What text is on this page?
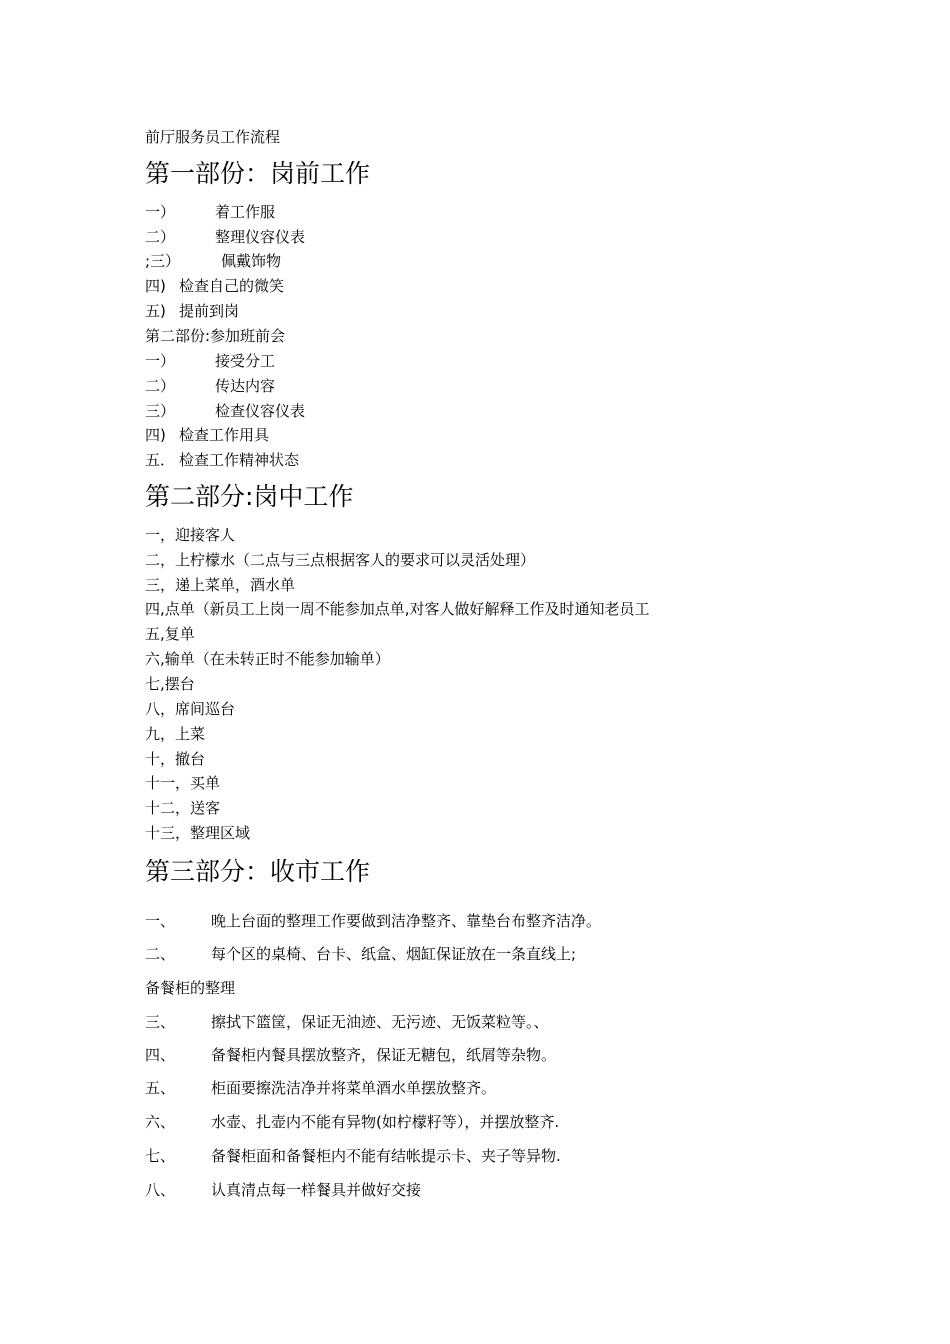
前厅服务员工作流程
第一部份：岗前工作
一）	着工作服
二）	整理仪容仪表
;三）	佩戴饰物
四) 检查自己的微笑
五) 提前到岗
第二部份:参加班前会
一）	接受分工
二）	传达内容
三）	检查仪容仪表
四) 检查工作用具
五． 检查工作精神状态
第二部分:岗中工作
一，迎接客人
二，上柠檬水（二点与三点根据客人的要求可以灵活处理）
三，递上菜单，酒水单
四,点单（新员工上岗一周不能参加点单,对客人做好解释工作及时通知老员工
五,复单
六,输单（在未转正时不能参加输单）
七,摆台
八，席间巡台
九，上菜
十，撤台
十一，买单
十二，送客
十三，整理区域
第三部分：收市工作
一、 晚上台面的整理工作要做到洁净整齐、靠垫台布整齐洁净。
二、 每个区的桌椅、台卡、纸盒、烟缸保证放在一条直线上;
备餐柜的整理
三、 擦拭下篮筐，保证无油迹、无污迹、无饭菜粒等。、
四、 备餐柜内餐具摆放整齐，保证无糖包，纸屑等杂物。
五、 柜面要擦洗洁净并将菜单酒水单摆放整齐。
六、 水壶、扎壶内不能有异物(如柠檬籽等），并摆放整齐.
七、 备餐柜面和备餐柜内不能有结帐提示卡、夹子等异物.
八、 认真清点每一样餐具并做好交接
